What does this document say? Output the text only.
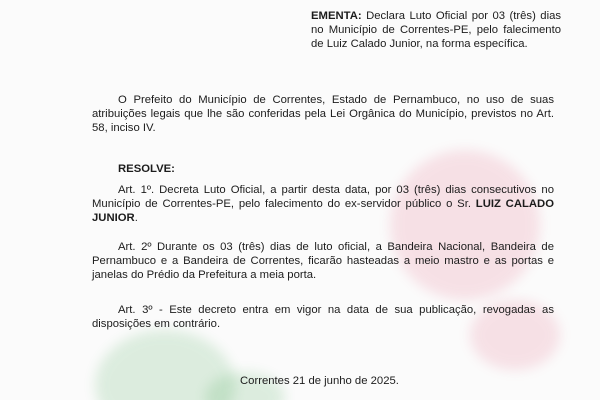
EMENTA: Declara Luto Oficial por 03 (três) dias no Município de Correntes-PE, pelo falecimento de Luiz Calado Junior, na forma específica.
O Prefeito do Município de Correntes, Estado de Pernambuco, no uso de suas atribuições legais que lhe são conferidas pela Lei Orgânica do Município, previstos no Art. 58, inciso IV.
RESOLVE:
Art. 1º. Decreta Luto Oficial, a partir desta data, por 03 (três) dias consecutivos no Município de Correntes-PE, pelo falecimento do ex-servidor público o Sr. LUIZ CALADO JUNIOR.
Art. 2º Durante os 03 (três) dias de luto oficial, a Bandeira Nacional, Bandeira de Pernambuco e a Bandeira de Correntes, ficarão hasteadas a meio mastro e as portas e janelas do Prédio da Prefeitura a meia porta.
Art. 3º - Este decreto entra em vigor na data de sua publicação, revogadas as disposições em contrário.
Correntes 21 de junho de 2025.
